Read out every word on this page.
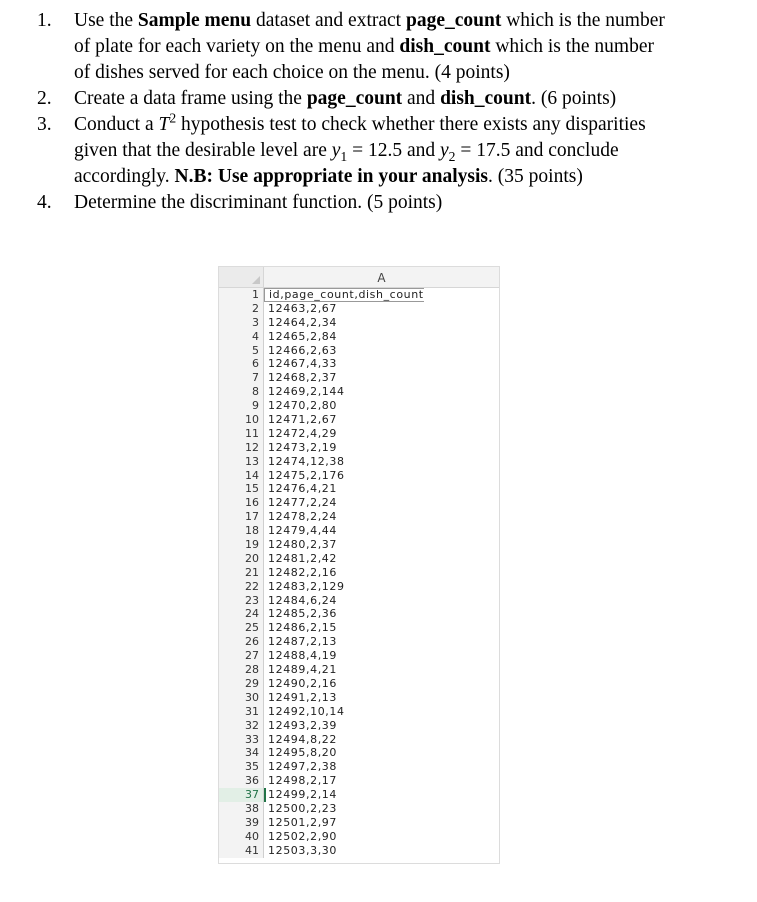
1.	Use the Sample menu dataset and extract page_count which is the number
of plate for each variety on the menu and dish_count which is the number
of dishes served for each choice on the menu. (4 points)
2.	Create a data frame using the page_count and dish_count. (6 points)
3.	Conduct a $T^2$ hypothesis test to check whether there exists any disparities
given that the desirable level are $y_1 = 12.5$ and $y_2 = 17.5$ and conclude
accordingly. N.B: Use appropriate in your analysis. (35 points)
4.	Determine the discriminant function. (5 points)
A
1 id,page_count,dish_count
2 12463,2,67
3 12464,2,34
4 12465,2,84
5 12466,2,63
6 12467,4,33
7 12468,2,37
8 12469,2,144
9 12470,2,80
10 12471,2,67
11 12472,4,29
12 12473,2,19
13 12474,12,38
14 12475,2,176
15 12476,4,21
16 12477,2,24
17 12478,2,24
18 12479,4,44
19 12480,2,37
20 12481,2,42
21 12482,2,16
22 12483,2,129
23 12484,6,24
24 12485,2,36
25 12486,2,15
26 12487,2,13
27 12488,4,19
28 12489,4,21
29 12490,2,16
30 12491,2,13
31 12492,10,14
32 12493,2,39
33 12494,8,22
34 12495,8,20
35 12497,2,38
36 12498,2,17
37 12499,2,14
38 12500,2,23
39 12501,2,97
40 12502,2,90
41 12503,3,30
